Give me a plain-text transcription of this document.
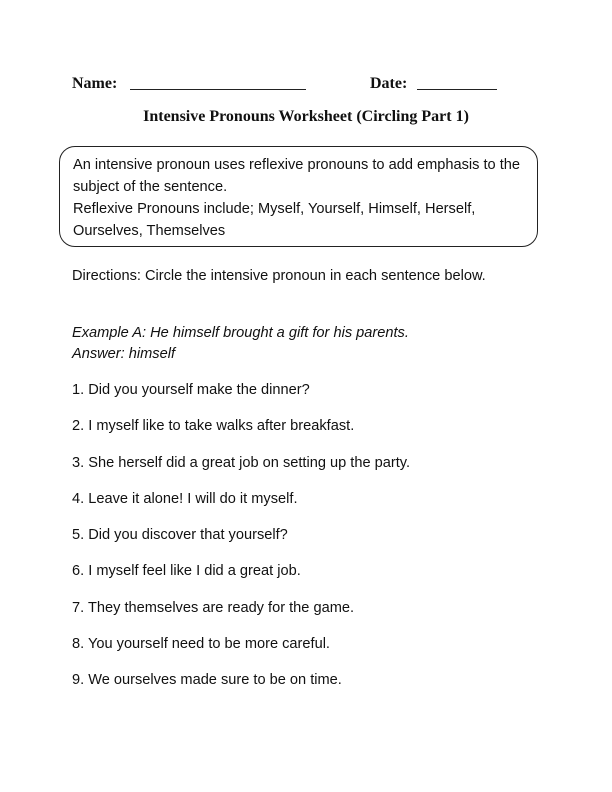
Name:	Date:
Intensive Pronouns Worksheet (Circling Part 1)

An intensive pronoun uses reflexive pronouns to add emphasis to the subject of the sentence.

Reflexive Pronouns include; Myself, Yourself, Himself, Herself, Ourselves, Themselves

Directions: Circle the intensive pronoun in each sentence below.

Example A: He himself brought a gift for his parents.

Answer: himself

1. Did you yourself make the dinner?
2. I myself like to take walks after breakfast.
3. She herself did a great job on setting up the party.
4. Leave it alone! I will do it myself.
5. Did you discover that yourself?
6. I myself feel like I did a great job.
7. They themselves are ready for the game.
8. You yourself need to be more careful.
9. We ourselves made sure to be on time.
